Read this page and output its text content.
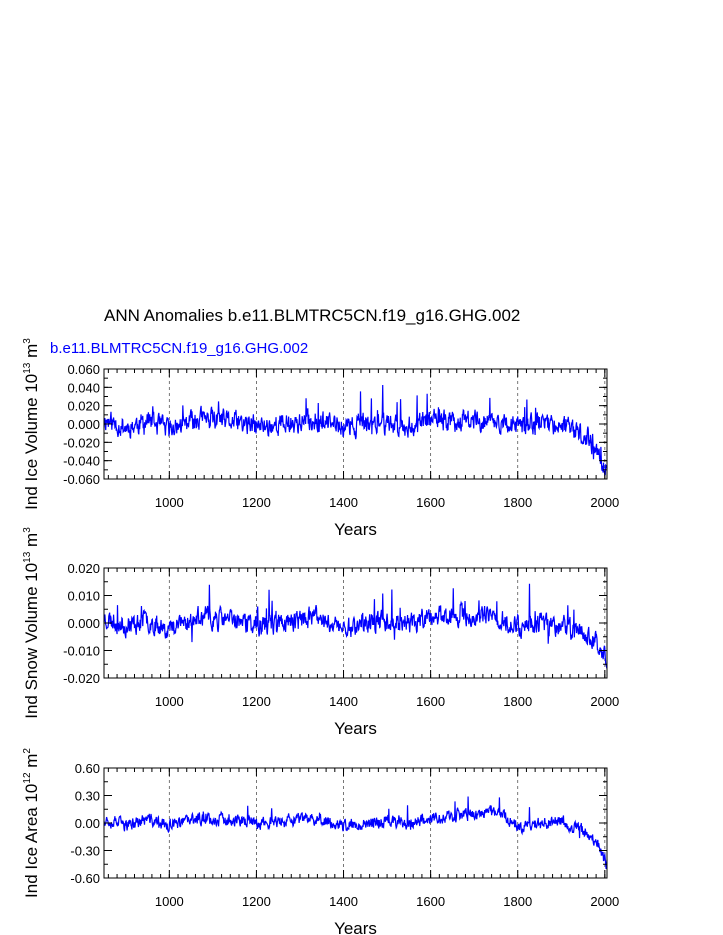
ANN Anomalies b.e11.BLMTRC5CN.f19_g16.GHG.002
b.e11.BLMTRC5CN.f19_g16.GHG.002
-0.060
-0.040
-0.020
0.000
0.020
0.040
0.060
1000	1200	1400	1600	1800	2000
Years
Ind Ice Volume $10^{13}$ $m^3$
-0.020
-0.010
0.000
0.010
0.020
1000	1200	1400	1600	1800	2000
Years
Ind Snow Volume $10^{13}$ $m^3$
-0.60
-0.30
0.00
0.30
0.60
1000	1200	1400	1600	1800	2000
Years
Ind Ice Area $10^{12}$ $m^2$
